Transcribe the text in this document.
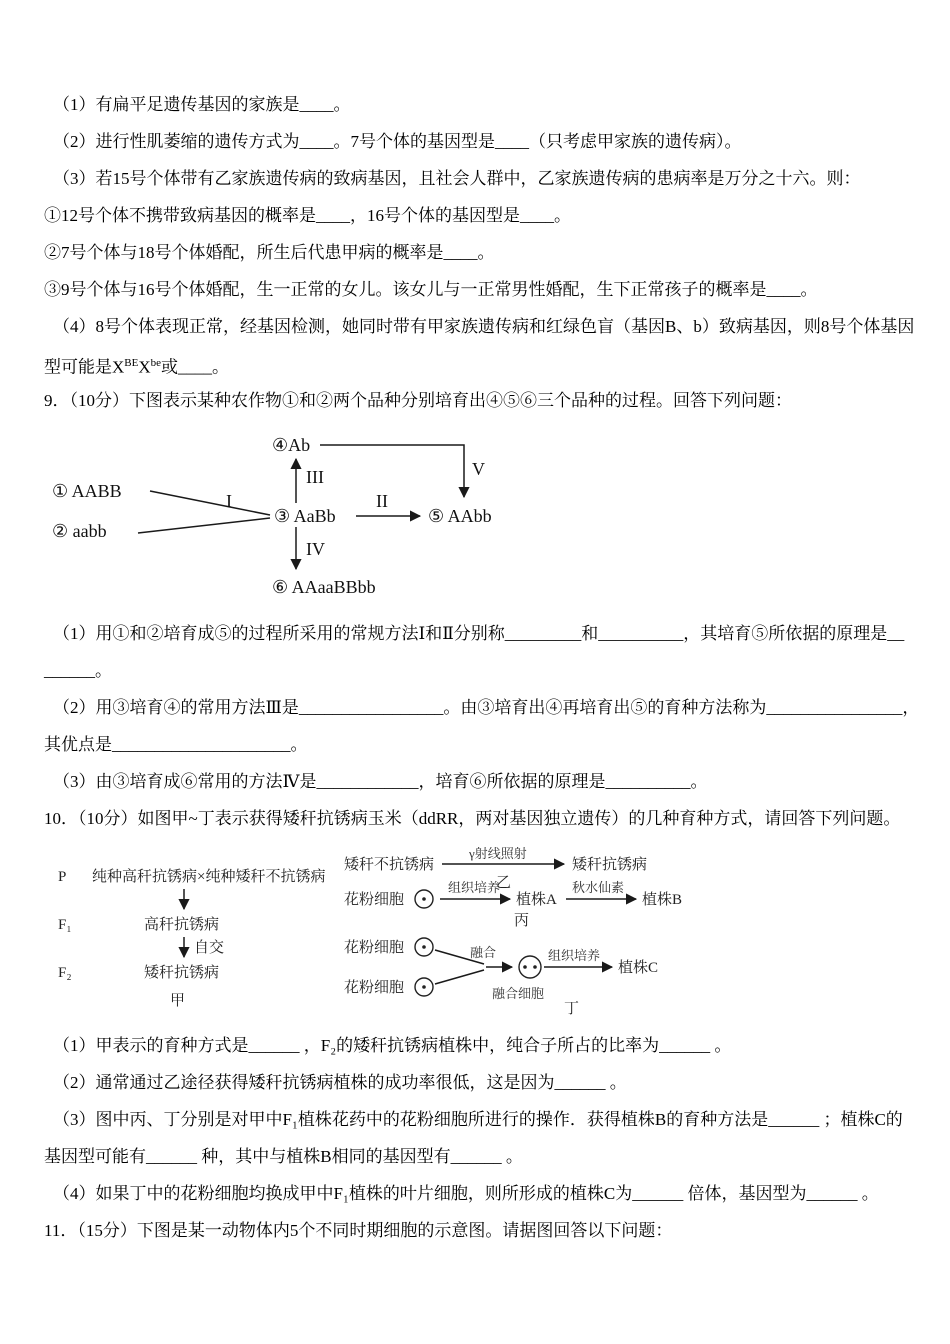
（1）有扁平足遗传基因的家族是____。

（2）进行性肌萎缩的遗传方式为____。7号个体的基因型是____（只考虑甲家族的遗传病）。

（3）若15号个体带有乙家族遗传病的致病基因，且社会人群中，乙家族遗传病的患病率是万分之十六。则：

①12号个体不携带致病基因的概率是____，16号个体的基因型是____。

②7号个体与18号个体婚配，所生后代患甲病的概率是____。

③9号个体与16号个体婚配，生一正常的女儿。该女儿与一正常男性婚配，生下正常孩子的概率是____。

（4）8号个体表现正常，经基因检测，她同时带有甲家族遗传病和红绿色盲（基因B、b）致病基因，则8号个体基因

型可能是$X^{BE}X^{be}$或____。

9．（10分）下图表示某种农作物①和②两个品种分别培育出④⑤⑥三个品种的过程。回答下列问题：

④Ab
V
① AABB
② aabb
I
③ AaBb
III
II
⑤ AAbb
IV
⑥ AAaaBBbb

（1）用①和②培育成⑤的过程所采用的常规方法Ⅰ和Ⅱ分别称_________和__________，其培育⑤所依据的原理是__

______。

（2）用③培育④的常用方法Ⅲ是_________________。由③培育出④再培育出⑤的育种方法称为________________，

其优点是_____________________。

（3）由③培育成⑥常用的方法Ⅳ是____________，培育⑥所依据的原理是__________。

10．（10分）如图甲~丁表示获得矮秆抗锈病玉米（ddRR，两对基因独立遗传）的几种育种方式，请回答下列问题。

P 纯种高秆抗锈病×纯种矮秆不抗锈病
F₁	高秆抗锈病
自交
F₂	矮秆抗锈病
甲
矮秆不抗锈病
γ射线照射
矮秆抗锈病
乙
花粉细胞
组织培养
植株A
秋水仙素
植株B
丙
花粉细胞
花粉细胞
融合	组织培养
植株C
融合细胞
丁

（1）甲表示的育种方式是______ ，F₂的矮秆抗锈病植株中，纯合子所占的比率为______ 。

（2）通常通过乙途径获得矮秆抗锈病植株的成功率很低，这是因为______ 。

（3）图中丙、丁分别是对甲中F₁植株花药中的花粉细胞所进行的操作．获得植株B的育种方法是______ ；植株C的

基因型可能有______ 种，其中与植株B相同的基因型有______ 。

（4）如果丁中的花粉细胞均换成甲中F₁植株的叶片细胞，则所形成的植株C为______ 倍体，基因型为______ 。

11．（15分）下图是某一动物体内5个不同时期细胞的示意图。请据图回答以下问题：
